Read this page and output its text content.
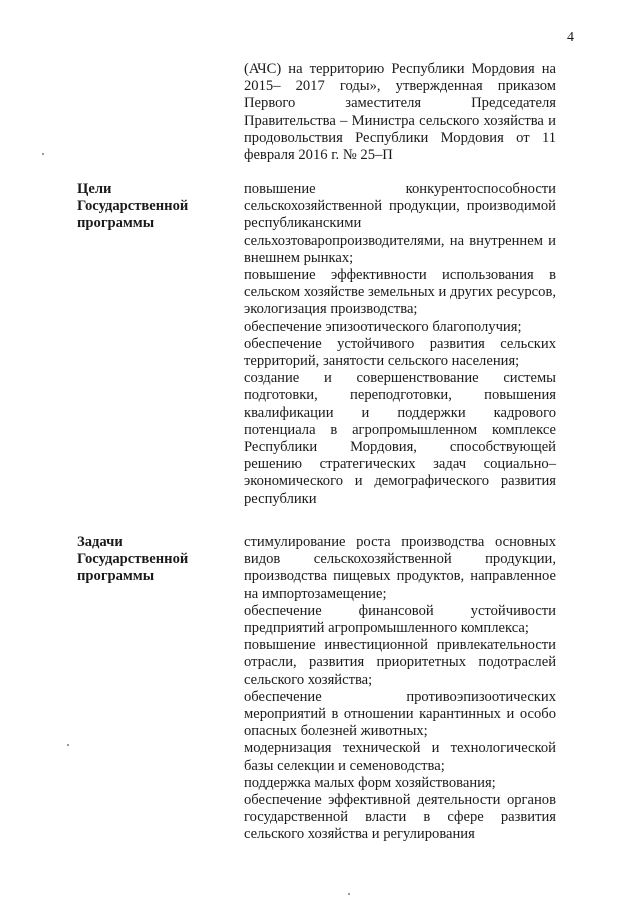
4

(АЧС) на территорию Республики Мордовия на 2015– 2017 годы», утвержденная приказом Первого заместителя Председателя Правительства – Министра сельского хозяйства и продовольствия Республики Мордовия от 11 февраля 2016 г. № 25–П

Цели
Государственной
программы

повышение конкурентоспособности сельскохозяйственной продукции, производимой республиканскими сельхозтоваропроизводителями, на внутреннем и внешнем рынках;

повышение эффективности использования в сельском хозяйстве земельных и других ресурсов, экологизация производства;

обеспечение эпизоотического благополучия;

обеспечение устойчивого развития сельских территорий, занятости сельского населения;

создание и совершенствование системы подготовки, переподготовки, повышения квалификации и поддержки кадрового потенциала в агропромышленном комплексе Республики Мордовия, способствующей решению стратегических задач социально–экономического и демографического развития республики

Задачи
Государственной
программы

стимулирование роста производства основных видов сельскохозяйственной продукции, производства пищевых продуктов, направленное на импортозамещение;

обеспечение финансовой устойчивости предприятий агропромышленного комплекса;

повышение инвестиционной привлекательности отрасли, развития приоритетных подотраслей сельского хозяйства;

обеспечение противоэпизоотических мероприятий в отношении карантинных и особо опасных болезней животных;

модернизация технической и технологической базы селекции и семеноводства;

поддержка малых форм хозяйствования;

обеспечение эффективной деятельности органов государственной власти в сфере развития сельского хозяйства и регулирования
